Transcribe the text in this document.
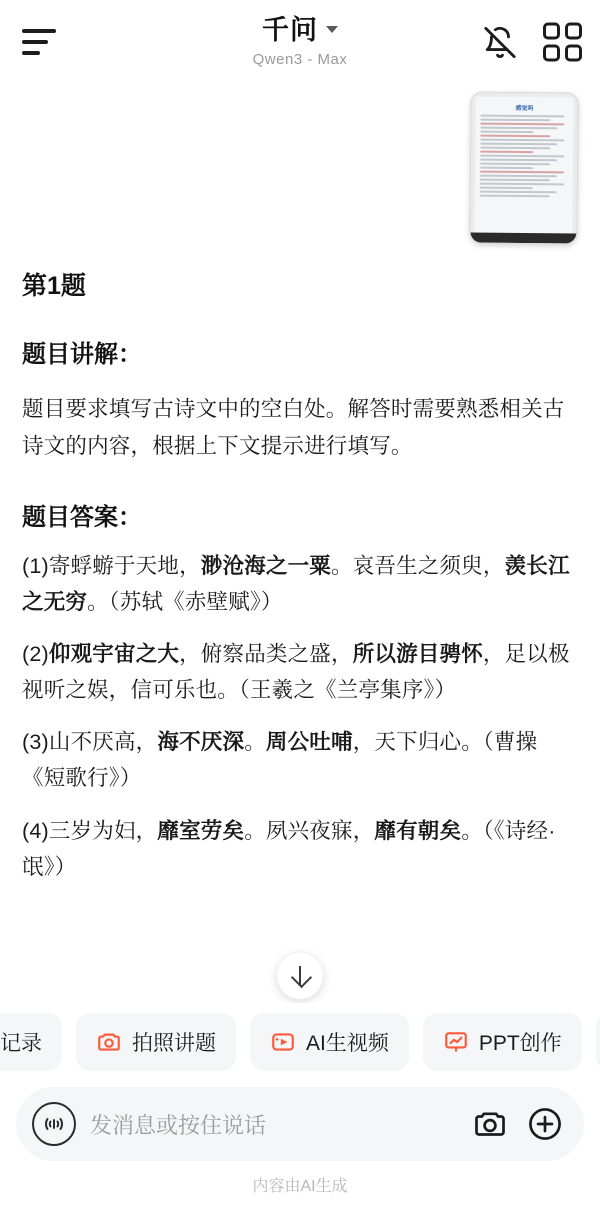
千问
Qwen3 - Max
感觉吗
第1题
题目讲解：

题目要求填写古诗文中的空白处。解答时需要熟悉相关古诗文的内容，根据上下文提示进行填写。

题目答案：

(1)寄蜉蝣于天地，渺沧海之一粟。哀吾生之须臾，羡长江之无穷。（苏轼《赤壁赋》）

(2)仰观宇宙之大，俯察品类之盛，所以游目骋怀，足以极视听之娱，信可乐也。（王羲之《兰亭集序》）

(3)山不厌高，海不厌深。周公吐哺，天下归心。（曹操《短歌行》）

(4)三岁为妇，靡室劳矣。夙兴夜寐，靡有朝矣。（《诗经·氓》）

记录	拍照讲题	AI生视频	PPT创作
发消息或按住说话
内容由AI生成
